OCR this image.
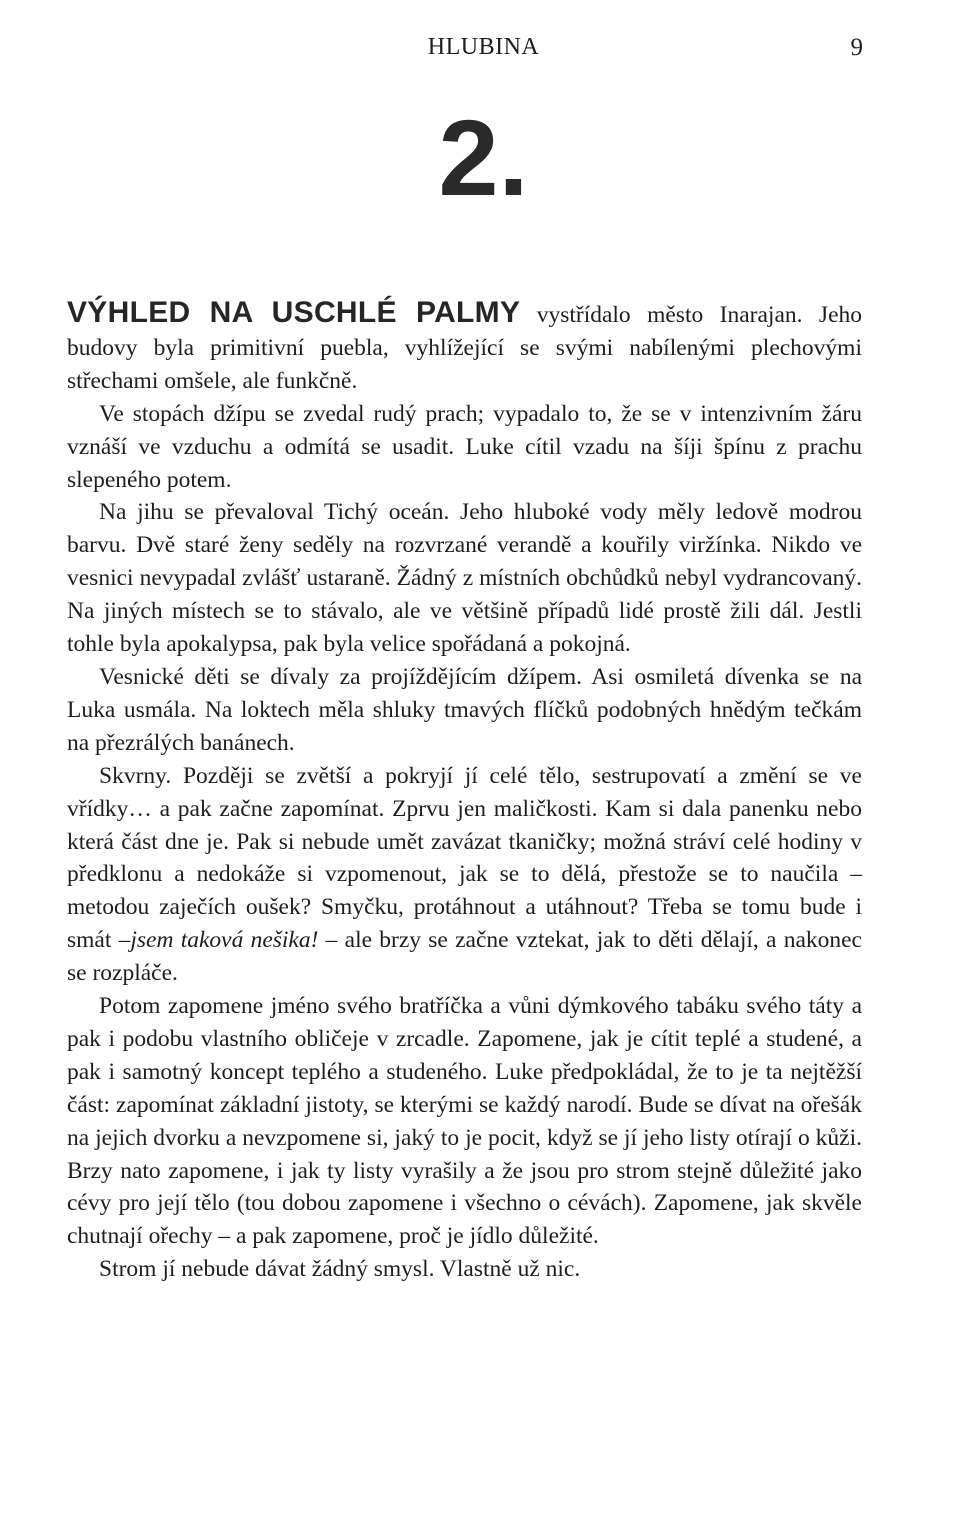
HLUBINA	9
2.

VÝHLED NA USCHLÉ PALMY vystřídalo město Inarajan. Jeho budovy byla primitivní puebla, vyhlížející se svými nabílenými plechovými střechami omšele, ale funkčně.

Ve stopách džípu se zvedal rudý prach; vypadalo to, že se v intenzivním žáru vznáší ve vzduchu a odmítá se usadit. Luke cítil vzadu na šíji špínu z prachu slepeného potem.

Na jihu se převaloval Tichý oceán. Jeho hluboké vody měly ledově modrou barvu. Dvě staré ženy seděly na rozvrzané verandě a kouřily viržínka. Nikdo ve vesnici nevypadal zvlášť ustaraně. Žádný z místních obchůdků nebyl vydrancovaný. Na jiných místech se to stávalo, ale ve většině případů lidé prostě žili dál. Jestli tohle byla apokalypsa, pak byla velice spořádaná a pokojná.

Vesnické děti se dívaly za projíždějícím džípem. Asi osmiletá dívenka se na Luka usmála. Na loktech měla shluky tmavých flíčků podobných hnědým tečkám na přezrálých banánech.

Skvrny. Později se zvětší a pokryjí jí celé tělo, sestrupovatí a změní se ve vřídky… a pak začne zapomínat. Zprvu jen maličkosti. Kam si dala panenku nebo která část dne je. Pak si nebude umět zavázat tkaničky; možná stráví celé hodiny v předklonu a nedokáže si vzpomenout, jak se to dělá, přestože se to naučila – metodou zaječích oušek? Smyčku, protáhnout a utáhnout? Třeba se tomu bude i smát –jsem taková nešika! – ale brzy se začne vztekat, jak to děti dělají, a nakonec se rozpláče.

Potom zapomene jméno svého bratříčka a vůni dýmkového tabáku svého táty a pak i podobu vlastního obličeje v zrcadle. Zapomene, jak je cítit teplé a studené, a pak i samotný koncept teplého a studeného. Luke předpokládal, že to je ta nejtěžší část: zapomínat základní jistoty, se kterými se každý narodí. Bude se dívat na ořešák na jejich dvorku a nevzpomene si, jaký to je pocit, když se jí jeho listy otírají o kůži. Brzy nato zapomene, i jak ty listy vyrašily a že jsou pro strom stejně důležité jako cévy pro její tělo (tou dobou zapomene i všechno o cévách). Zapomene, jak skvěle chutnají ořechy – a pak zapomene, proč je jídlo důležité.

Strom jí nebude dávat žádný smysl. Vlastně už nic.
